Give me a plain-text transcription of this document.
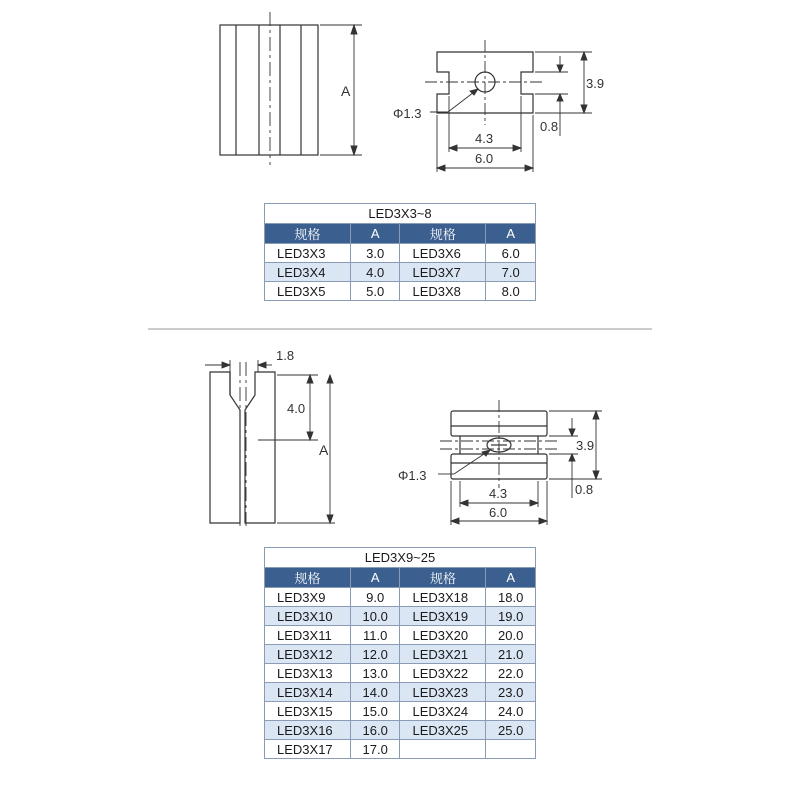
A	3.9
0.8
Φ1.3
4.3
6.0
1.8
4.0
A	3.9
0.8
Φ1.3
4.3
6.0
LED3X3~8			
规格	A	规格	A
LED3X3	3.0	LED3X6	6.0
LED3X4	4.0	LED3X7	7.0
LED3X5	5.0	LED3X8	8.0
LED3X9~25			
规格	A	规格	A
LED3X9	9.0	LED3X18	18.0
LED3X10	10.0	LED3X19	19.0
LED3X11	11.0	LED3X20	20.0
LED3X12	12.0	LED3X21	21.0
LED3X13	13.0	LED3X22	22.0
LED3X14	14.0	LED3X23	23.0
LED3X15	15.0	LED3X24	24.0
LED3X16	16.0	LED3X25	25.0
LED3X17	17.0		
